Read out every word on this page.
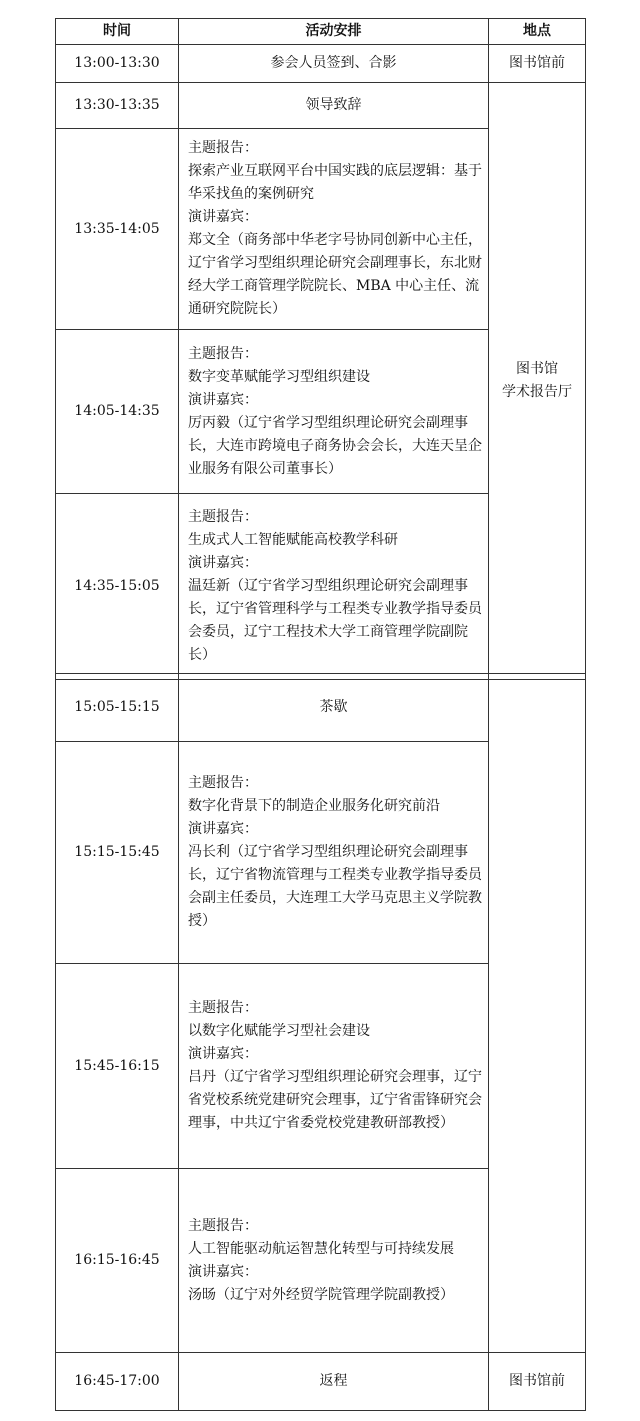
时间	活动安排	地点
13:00-13:30	参会人员签到、合影	图书馆前
13:30-13:35	领导致辞	图书馆
学术报告厅

13:35-14:05	主题报告：
探索产业互联网平台中国实践的底层逻辑：基于华采找鱼的案例研究
演讲嘉宾：
郑文全（商务部中华老字号协同创新中心主任，辽宁省学习型组织理论研究会副理事长，东北财经大学工商管理学院院长、MBA 中心主任、流通研究院院长）	

14:05-14:35	主题报告：
数字变革赋能学习型组织建设
演讲嘉宾：
厉丙毅（辽宁省学习型组织理论研究会副理事长，大连市跨境电子商务协会会长，大连天呈企业服务有限公司董事长）	

14:35-15:05	主题报告：
生成式人工智能赋能高校教学科研
演讲嘉宾：
温廷新（辽宁省学习型组织理论研究会副理事长，辽宁省管理科学与工程类专业教学指导委员会委员，辽宁工程技术大学工商管理学院副院长）	
15:05-15:15	茶歇	
15:15-15:45	主题报告：
数字化背景下的制造企业服务化研究前沿
演讲嘉宾：
冯长利（辽宁省学习型组织理论研究会副理事长，辽宁省物流管理与工程类专业教学指导委员会副主任委员，大连理工大学马克思主义学院教授）	

15:45-16:15	主题报告：
以数字化赋能学习型社会建设
演讲嘉宾：
吕丹（辽宁省学习型组织理论研究会理事，辽宁省党校系统党建研究会理事，辽宁省雷锋研究会理事，中共辽宁省委党校党建教研部教授）	

16:15-16:45	主题报告：
人工智能驱动航运智慧化转型与可持续发展
演讲嘉宾：
汤旸（辽宁对外经贸学院管理学院副教授）	

16:45-17:00	返程	图书馆前
